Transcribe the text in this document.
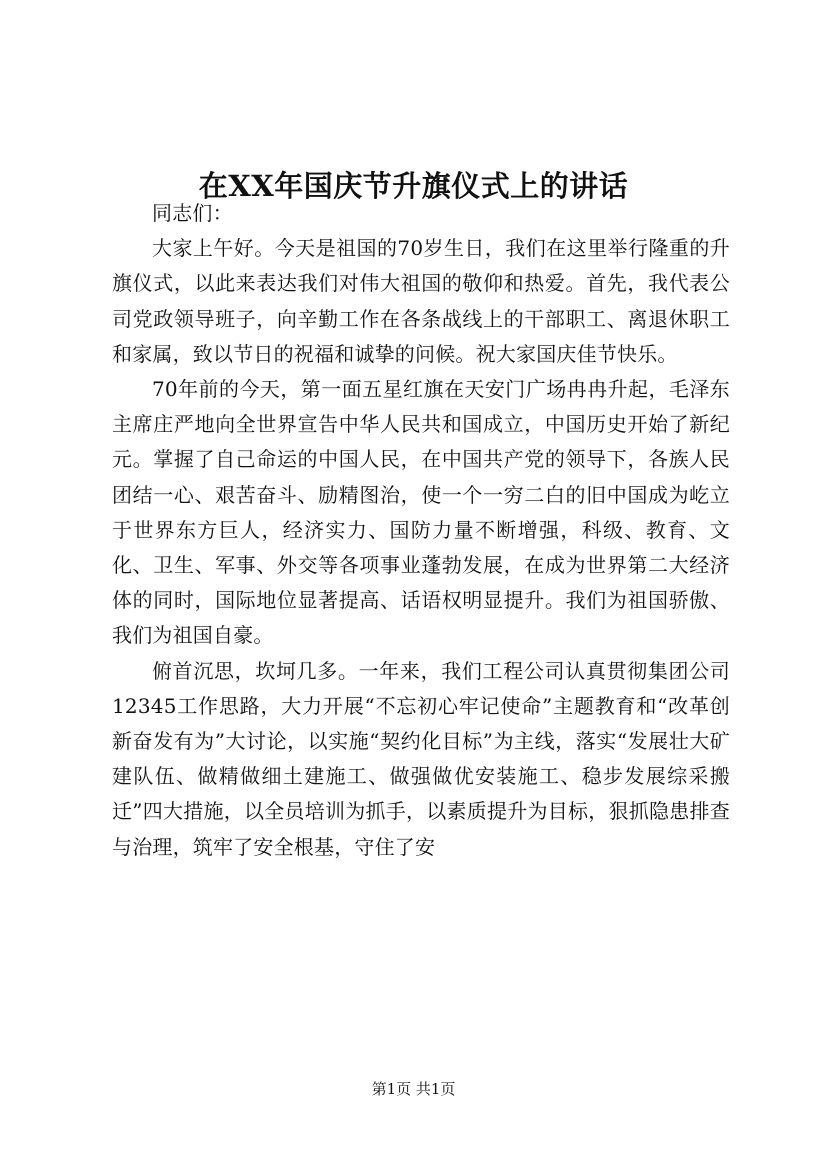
在XX年国庆节升旗仪式上的讲话

同志们：

大家上午好。今天是祖国的70岁生日，我们在这里举行隆重的升旗仪式，以此来表达我们对伟大祖国的敬仰和热爱。首先，我代表公司党政领导班子，向辛勤工作在各条战线上的干部职工、离退休职工和家属，致以节日的祝福和诚挚的问候。祝大家国庆佳节快乐。

70年前的今天，第一面五星红旗在天安门广场冉冉升起，毛泽东主席庄严地向全世界宣告中华人民共和国成立，中国历史开始了新纪元。掌握了自己命运的中国人民，在中国共产党的领导下，各族人民团结一心、艰苦奋斗、励精图治，使一个一穷二白的旧中国成为屹立于世界东方巨人，经济实力、国防力量不断增强，科级、教育、文化、卫生、军事、外交等各项事业蓬勃发展，在成为世界第二大经济体的同时，国际地位显著提高、话语权明显提升。我们为祖国骄傲、我们为祖国自豪。

俯首沉思，坎坷几多。一年来，我们工程公司认真贯彻集团公司12345工作思路，大力开展“不忘初心牢记使命”主题教育和“改革创新奋发有为”大讨论，以实施“契约化目标”为主线，落实“发展壮大矿建队伍、做精做细土建施工、做强做优安装施工、稳步发展综采搬迁”四大措施，以全员培训为抓手，以素质提升为目标，狠抓隐患排查与治理，筑牢了安全根基，守住了安

第1页 共1页
